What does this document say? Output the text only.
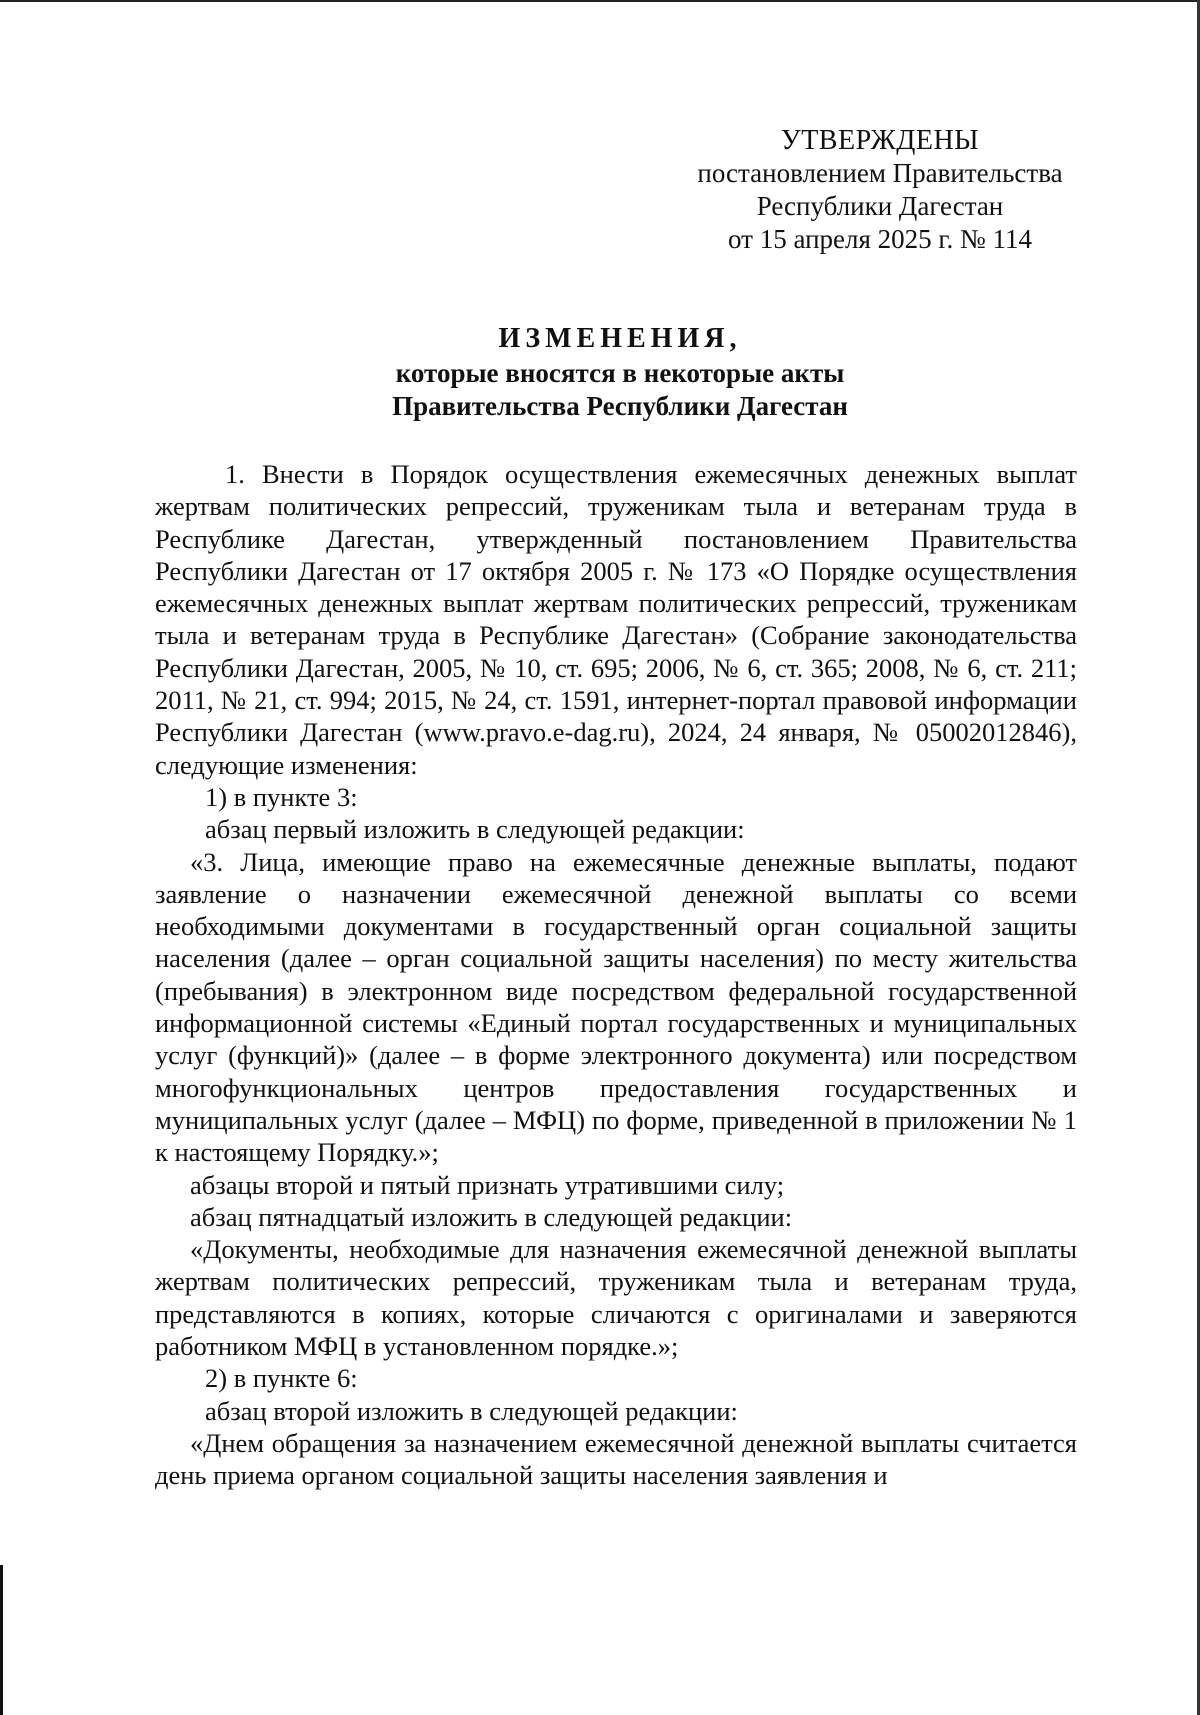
УТВЕРЖДЕНЫ
постановлением Правительства
Республики Дагестан
от 15 апреля 2025 г. № 114
ИЗМЕНЕНИЯ,
которые вносятся в некоторые акты
Правительства Республики Дагестан

1. Внести в Порядок осуществления ежемесячных денежных выплат жертвам политических репрессий, труженикам тыла и ветеранам труда в Республике Дагестан, утвержденный постановлением Правительства Республики Дагестан от 17 октября 2005 г. № 173 «О Порядке осуществления ежемесячных денежных выплат жертвам политических репрессий, труженикам тыла и ветеранам труда в Республике Дагестан» (Собрание законодательства Республики Дагестан, 2005, № 10, ст. 695; 2006, № 6, ст. 365; 2008, № 6, ст. 211; 2011, № 21, ст. 994; 2015, № 24, ст. 1591, интернет-портал правовой информации Республики Дагестан (www.pravo.e-dag.ru), 2024, 24 января, № 05002012846), следующие изменения:

1) в пункте 3:

абзац первый изложить в следующей редакции:

«3. Лица, имеющие право на ежемесячные денежные выплаты, подают заявление о назначении ежемесячной денежной выплаты со всеми необходимыми документами в государственный орган социальной защиты населения (далее – орган социальной защиты населения) по месту жительства (пребывания) в электронном виде посредством федеральной государственной информационной системы «Единый портал государственных и муниципальных услуг (функций)» (далее – в форме электронного документа) или посредством многофункциональных центров предоставления государственных и муниципальных услуг (далее – МФЦ) по форме, приведенной в приложении № 1 к настоящему Порядку.»;

абзацы второй и пятый признать утратившими силу;

абзац пятнадцатый изложить в следующей редакции:

«Документы, необходимые для назначения ежемесячной денежной выплаты жертвам политических репрессий, труженикам тыла и ветеранам труда, представляются в копиях, которые сличаются с оригиналами и заверяются работником МФЦ в установленном порядке.»;

2) в пункте 6:

абзац второй изложить в следующей редакции:

«Днем обращения за назначением ежемесячной денежной выплаты считается день приема органом социальной защиты населения заявления и
